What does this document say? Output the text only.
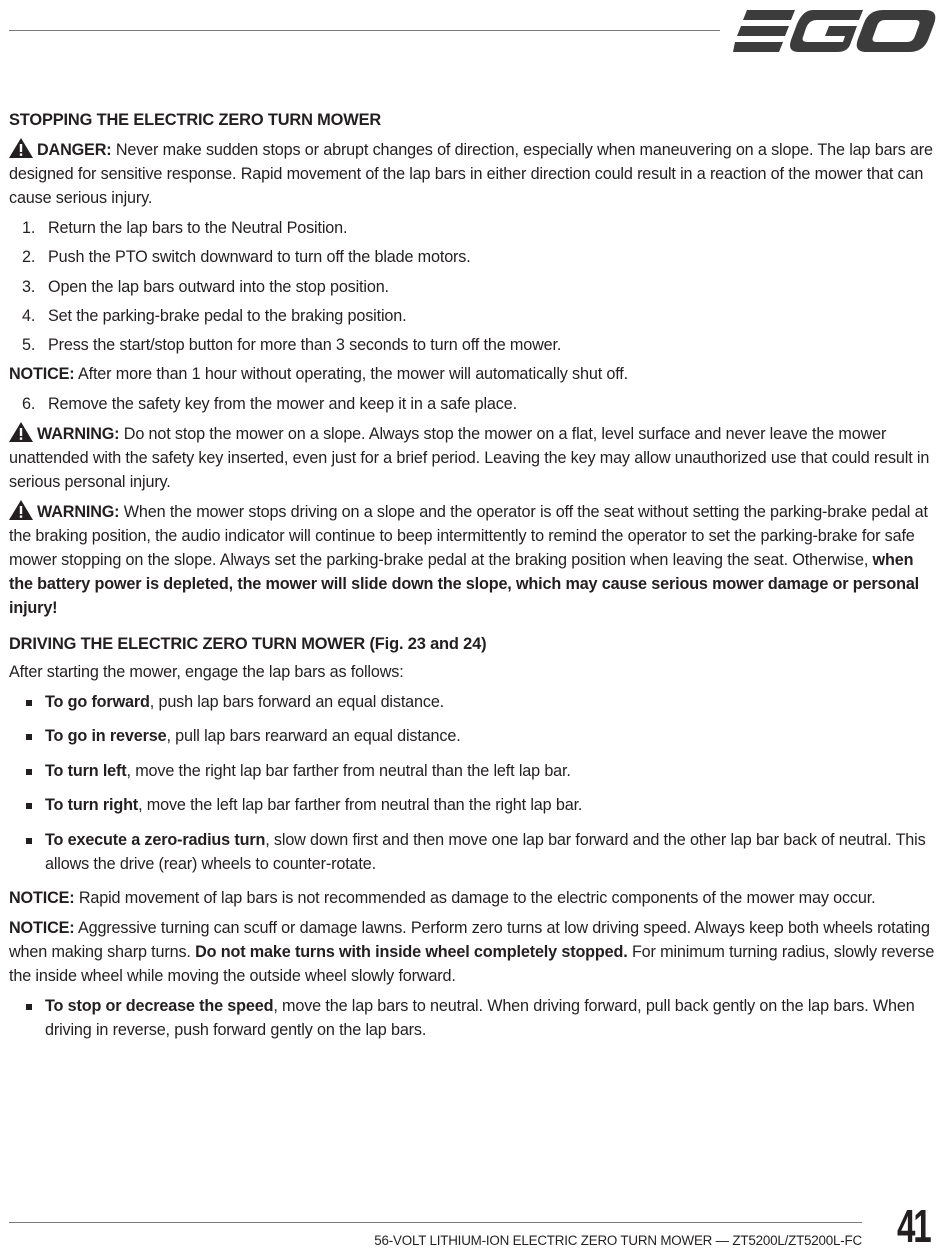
STOPPING THE ELECTRIC ZERO TURN MOWER

DANGER: Never make sudden stops or abrupt changes of direction, especially when maneuvering on a slope. The lap bars are designed for sensitive response. Rapid movement of the lap bars in either direction could result in a reaction of the mower that can cause serious injury.

1. Return the lap bars to the Neutral Position.
2. Push the PTO switch downward to turn off the blade motors.
3. Open the lap bars outward into the stop position.
4. Set the parking-brake pedal to the braking position.
5. Press the start/stop button for more than 3 seconds to turn off the mower.

NOTICE: After more than 1 hour without operating, the mower will automatically shut off.

6. Remove the safety key from the mower and keep it in a safe place.

WARNING: Do not stop the mower on a slope. Always stop the mower on a flat, level surface and never leave the mower unattended with the safety key inserted, even just for a brief period. Leaving the key may allow unauthorized use that could result in serious personal injury.

WARNING: When the mower stops driving on a slope and the operator is off the seat without setting the parking-brake pedal at the braking position, the audio indicator will continue to beep intermittently to remind the operator to set the parking-brake for safe mower stopping on the slope. Always set the parking-brake pedal at the braking position when leaving the seat. Otherwise, when the battery power is depleted, the mower will slide down the slope, which may cause serious mower damage or personal injury!

DRIVING THE ELECTRIC ZERO TURN MOWER (Fig. 23 and 24)

After starting the mower, engage the lap bars as follows:

To go forward, push lap bars forward an equal distance.
To go in reverse, pull lap bars rearward an equal distance.
To turn left, move the right lap bar farther from neutral than the left lap bar.
To turn right, move the left lap bar farther from neutral than the right lap bar.
To execute a zero-radius turn, slow down first and then move one lap bar forward and the other lap bar back of neutral. This allows the drive (rear) wheels to counter-rotate.

NOTICE: Rapid movement of lap bars is not recommended as damage to the electric components of the mower may occur.

NOTICE: Aggressive turning can scuff or damage lawns. Perform zero turns at low driving speed. Always keep both wheels rotating when making sharp turns. Do not make turns with inside wheel completely stopped. For minimum turning radius, slowly reverse the inside wheel while moving the outside wheel slowly forward.

To stop or decrease the speed, move the lap bars to neutral. When driving forward, pull back gently on the lap bars. When driving in reverse, push forward gently on the lap bars.
56-VOLT LITHIUM-ION ELECTRIC ZERO TURN MOWER — ZT5200L/ZT5200L-FC 41
